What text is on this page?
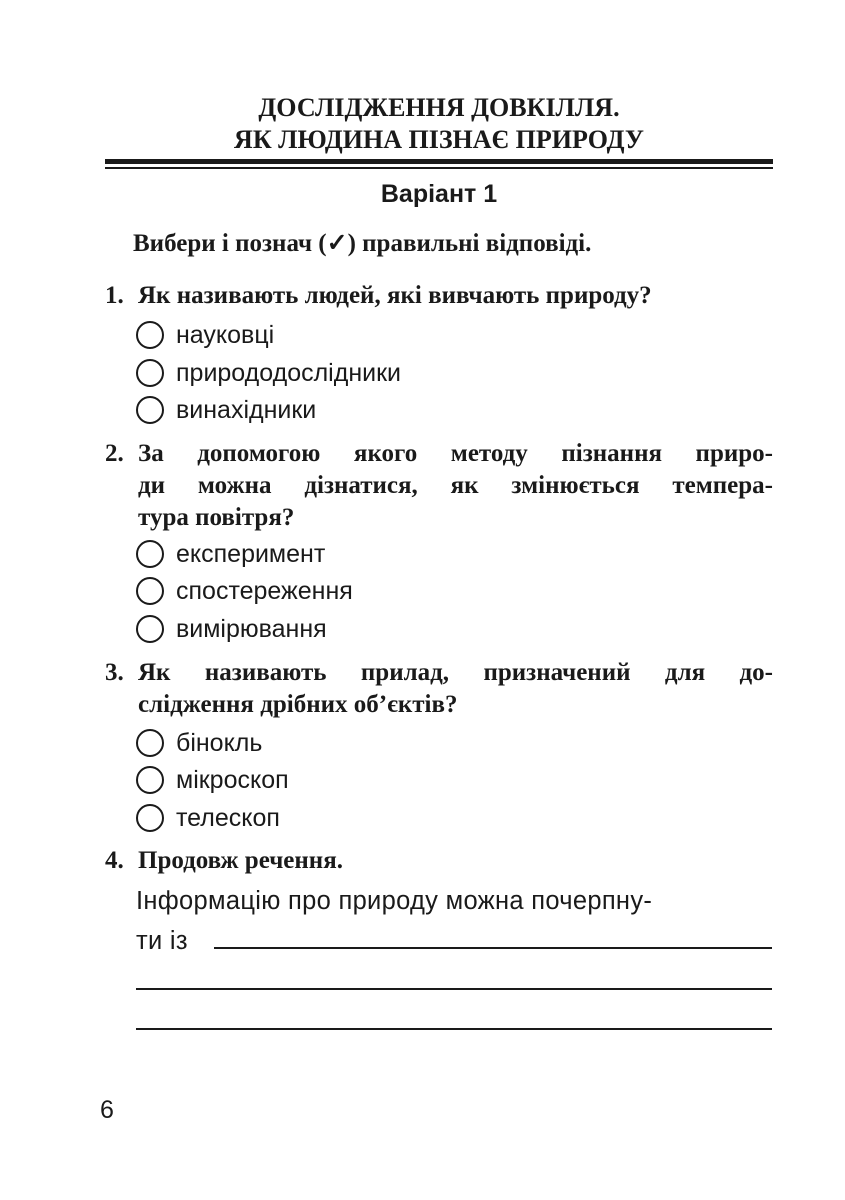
ДОСЛІДЖЕННЯ ДОВКІЛЛЯ.
ЯК ЛЮДИНА ПІЗНАЄ ПРИРОДУ
Варіант 1
Вибери і познач (✓) правильні відповіді.
1. Як називають людей, які вивчають природу?
науковці
природодослідники
винахідники
2. За допомогою якого методу пізнання приро-
ди можна дізнатися, як змінюється темпера-
тура повітря?
експеримент
спостереження
вимірювання
3. Як називають прилад, призначений для до-
слідження дрібних об’єктів?
бінокль
мікроскоп
телескоп
4. Продовж речення.
Інформацію про природу можна почерпну-
ти із
6
